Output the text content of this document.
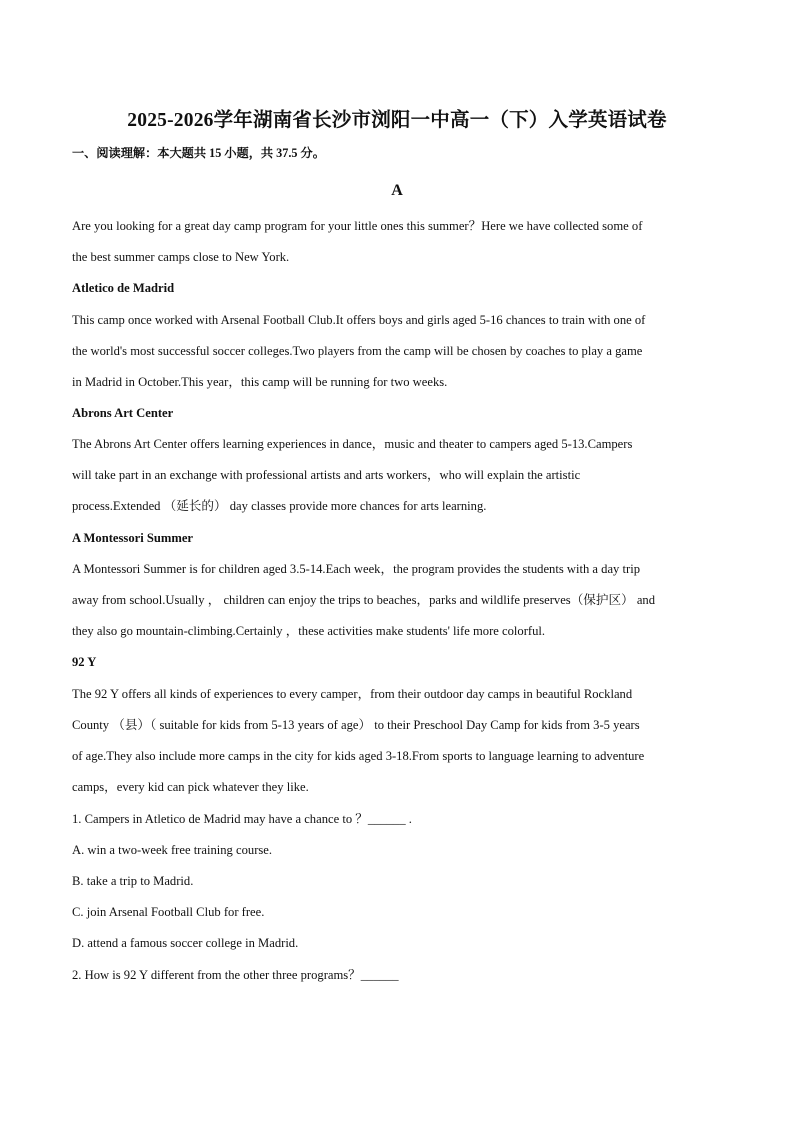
2025-2026学年湖南省长沙市浏阳一中高一（下）入学英语试卷
一、阅读理解：本大题共 15 小题，共 37.5 分。
A
Are you looking for a great day camp program for your little ones this summer？Here we have collected some of
the best summer camps close to New York.
Atletico de Madrid
This camp once worked with Arsenal Football Club.It offers boys and girls aged 5-16 chances to train with one of
the world's most successful soccer colleges.Two players from the camp will be chosen by coaches to play a game
in Madrid in October.This year，this camp will be running for two weeks.
Abrons Art Center
The Abrons Art Center offers learning experiences in dance，music and theater to campers aged 5-13.Campers
will take part in an exchange with professional artists and arts workers，who will explain the artistic
process.Extended （延长的） day classes provide more chances for arts learning.
A Montessori Summer
A Montessori Summer is for children aged 3.5-14.Each week，the program provides the students with a day trip
away from school.Usually ， children can enjoy the trips to beaches，parks and wildlife preserves（保护区） and
they also go mountain-climbing.Certainly ，these activities make students' life more colorful.
92 Y
The 92 Y offers all kinds of experiences to every camper，from their outdoor day camps in beautiful Rockland
County （县）（ suitable for kids from 5-13 years of age） to their Preschool Day Camp for kids from 3-5 years
of age.They also include more camps in the city for kids aged 3-18.From sports to language learning to adventure
camps，every kid can pick whatever they like.
1. Campers in Atletico de Madrid may have a chance to ？______ .
A. win a two-week free training course.
B. take a trip to Madrid.
C. join Arsenal Football Club for free.
D. attend a famous soccer college in Madrid.
2. How is 92 Y different from the other three programs？______
